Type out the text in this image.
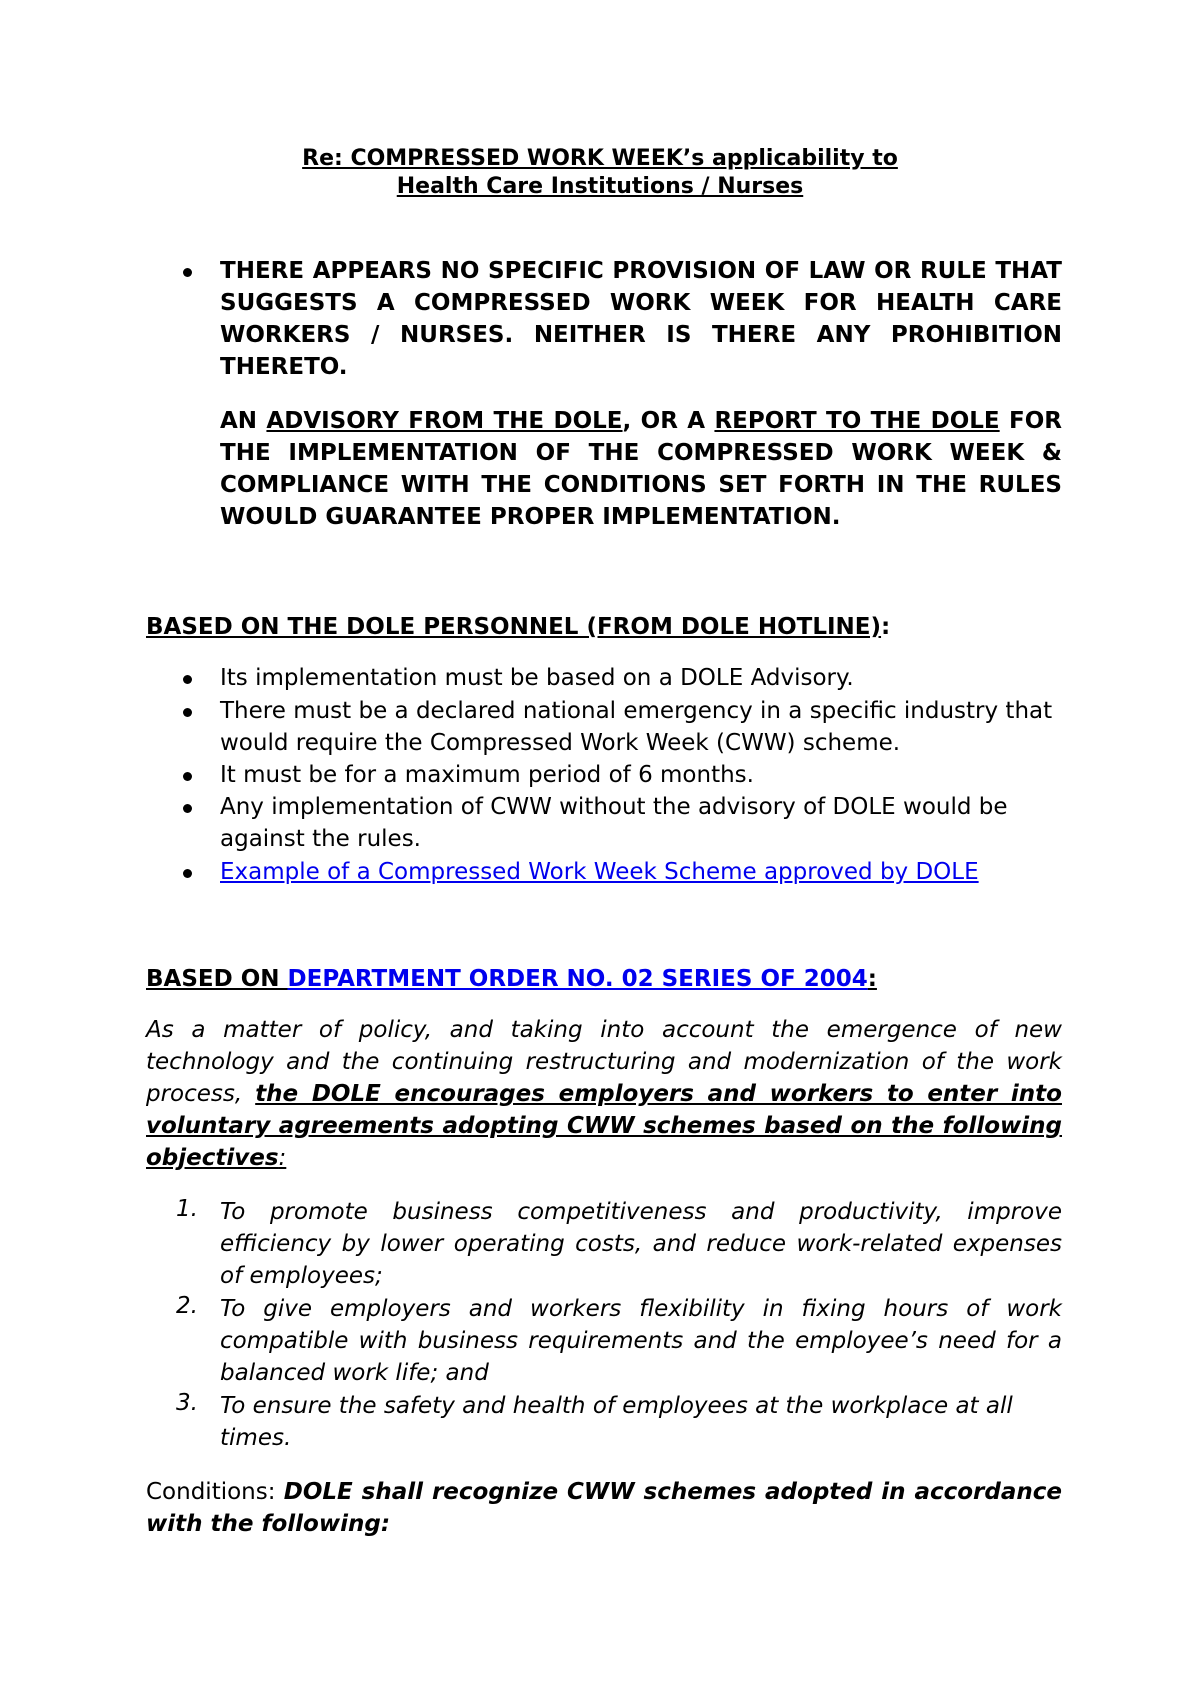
Re: COMPRESSED WORK WEEK’s applicability to
Health Care Institutions / Nurses
THERE APPEARS NO SPECIFIC PROVISION OF LAW OR RULE THAT SUGGESTS A COMPRESSED WORK WEEK FOR HEALTH CARE WORKERS / NURSES. NEITHER IS THERE ANY PROHIBITION THERETO.
AN ADVISORY FROM THE DOLE, OR A REPORT TO THE DOLE FOR THE IMPLEMENTATION OF THE COMPRESSED WORK WEEK & COMPLIANCE WITH THE CONDITIONS SET FORTH IN THE RULES WOULD GUARANTEE PROPER IMPLEMENTATION.
BASED ON THE DOLE PERSONNEL (FROM DOLE HOTLINE):
Its implementation must be based on a DOLE Advisory.
There must be a declared national emergency in a specific industry that would require the Compressed Work Week (CWW) scheme.
It must be for a maximum period of 6 months.
Any implementation of CWW without the advisory of DOLE would be against the rules.
Example of a Compressed Work Week Scheme approved by DOLE
BASED ON DEPARTMENT ORDER NO. 02 SERIES OF 2004:
As a matter of policy, and taking into account the emergence of new technology and the continuing restructuring and modernization of the work process, the DOLE encourages employers and workers to enter into voluntary agreements adopting CWW schemes based on the following objectives:
1. To promote business competitiveness and productivity, improve efficiency by lower operating costs, and reduce work-related expenses of employees;
2. To give employers and workers flexibility in fixing hours of work compatible with business requirements and the employee’s need for a balanced work life; and
3. To ensure the safety and health of employees at the workplace at all times.
Conditions: DOLE shall recognize CWW schemes adopted in accordance with the following:
